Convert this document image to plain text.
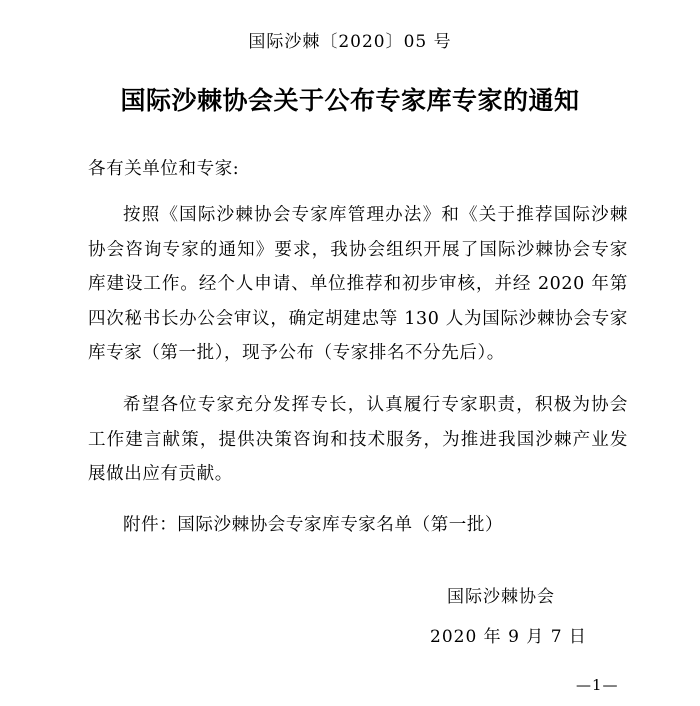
国际沙棘〔2020〕05 号
国际沙棘协会关于公布专家库专家的通知
各有关单位和专家:
按照《国际沙棘协会专家库管理办法》和《关于推荐国际沙棘协会咨询专家的通知》要求，我协会组织开展了国际沙棘协会专家库建设工作。经个人申请、单位推荐和初步审核，并经 2020 年第四次秘书长办公会审议，确定胡建忠等 130 人为国际沙棘协会专家库专家（第一批），现予公布（专家排名不分先后）。
希望各位专家充分发挥专长，认真履行专家职责，积极为协会工作建言献策，提供决策咨询和技术服务，为推进我国沙棘产业发展做出应有贡献。
附件：国际沙棘协会专家库专家名单（第一批）
国际沙棘协会
2020 年 9 月 7 日
—1—
